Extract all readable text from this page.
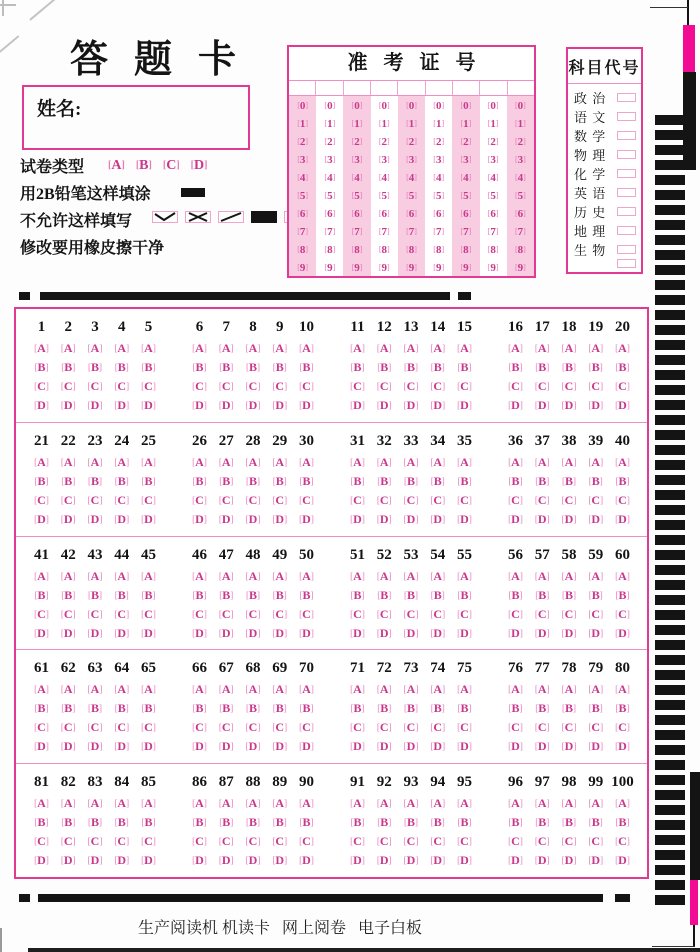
答题卡
姓名:
试卷类型 [A] [B] [C] [D]
用2B铅笔这样填涂
不允许这样填写
修改要用橡皮擦干净
准考证号
[0]
[1]
[2]
[3]
[4]
[5]
[6]
[7]
[8]
[9]
[0]
[1]
[2]
[3]
[4]
[5]
[6]
[7]
[8]
[9]
[0]
[1]
[2]
[3]
[4]
[5]
[6]
[7]
[8]
[9]
[0]
[1]
[2]
[3]
[4]
[5]
[6]
[7]
[8]
[9]
[0]
[1]
[2]
[3]
[4]
[5]
[6]
[7]
[8]
[9]
[0]
[1]
[2]
[3]
[4]
[5]
[6]
[7]
[8]
[9]
[0]
[1]
[2]
[3]
[4]
[5]
[6]
[7]
[8]
[9]
[0]
[1]
[2]
[3]
[4]
[5]
[6]
[7]
[8]
[9]
[0]
[1]
[2]
[3]
[4]
[5]
[6]
[7]
[8]
[9]
科目代号
政 治
语 文
数 学
物 理
化 学
英 语
历 史
地 理
生 物
1
[A]
[B]
[C]
[D]
2
[A]
[B]
[C]
[D]
3
[A]
[B]
[C]
[D]
4
[A]
[B]
[C]
[D]
5
[A]
[B]
[C]
[D]
6
[A]
[B]
[C]
[D]
7
[A]
[B]
[C]
[D]
8
[A]
[B]
[C]
[D]
9
[A]
[B]
[C]
[D]
10
[A]
[B]
[C]
[D]
11
[A]
[B]
[C]
[D]
12
[A]
[B]
[C]
[D]
13
[A]
[B]
[C]
[D]
14
[A]
[B]
[C]
[D]
15
[A]
[B]
[C]
[D]
16
[A]
[B]
[C]
[D]
17
[A]
[B]
[C]
[D]
18
[A]
[B]
[C]
[D]
19
[A]
[B]
[C]
[D]
20
[A]
[B]
[C]
[D]
21
[A]
[B]
[C]
[D]
22
[A]
[B]
[C]
[D]
23
[A]
[B]
[C]
[D]
24
[A]
[B]
[C]
[D]
25
[A]
[B]
[C]
[D]
26
[A]
[B]
[C]
[D]
27
[A]
[B]
[C]
[D]
28
[A]
[B]
[C]
[D]
29
[A]
[B]
[C]
[D]
30
[A]
[B]
[C]
[D]
31
[A]
[B]
[C]
[D]
32
[A]
[B]
[C]
[D]
33
[A]
[B]
[C]
[D]
34
[A]
[B]
[C]
[D]
35
[A]
[B]
[C]
[D]
36
[A]
[B]
[C]
[D]
37
[A]
[B]
[C]
[D]
38
[A]
[B]
[C]
[D]
39
[A]
[B]
[C]
[D]
40
[A]
[B]
[C]
[D]
41
[A]
[B]
[C]
[D]
42
[A]
[B]
[C]
[D]
43
[A]
[B]
[C]
[D]
44
[A]
[B]
[C]
[D]
45
[A]
[B]
[C]
[D]
46
[A]
[B]
[C]
[D]
47
[A]
[B]
[C]
[D]
48
[A]
[B]
[C]
[D]
49
[A]
[B]
[C]
[D]
50
[A]
[B]
[C]
[D]
51
[A]
[B]
[C]
[D]
52
[A]
[B]
[C]
[D]
53
[A]
[B]
[C]
[D]
54
[A]
[B]
[C]
[D]
55
[A]
[B]
[C]
[D]
56
[A]
[B]
[C]
[D]
57
[A]
[B]
[C]
[D]
58
[A]
[B]
[C]
[D]
59
[A]
[B]
[C]
[D]
60
[A]
[B]
[C]
[D]
61
[A]
[B]
[C]
[D]
62
[A]
[B]
[C]
[D]
63
[A]
[B]
[C]
[D]
64
[A]
[B]
[C]
[D]
65
[A]
[B]
[C]
[D]
66
[A]
[B]
[C]
[D]
67
[A]
[B]
[C]
[D]
68
[A]
[B]
[C]
[D]
69
[A]
[B]
[C]
[D]
70
[A]
[B]
[C]
[D]
71
[A]
[B]
[C]
[D]
72
[A]
[B]
[C]
[D]
73
[A]
[B]
[C]
[D]
74
[A]
[B]
[C]
[D]
75
[A]
[B]
[C]
[D]
76
[A]
[B]
[C]
[D]
77
[A]
[B]
[C]
[D]
78
[A]
[B]
[C]
[D]
79
[A]
[B]
[C]
[D]
80
[A]
[B]
[C]
[D]
81
[A]
[B]
[C]
[D]
82
[A]
[B]
[C]
[D]
83
[A]
[B]
[C]
[D]
84
[A]
[B]
[C]
[D]
85
[A]
[B]
[C]
[D]
86
[A]
[B]
[C]
[D]
87
[A]
[B]
[C]
[D]
88
[A]
[B]
[C]
[D]
89
[A]
[B]
[C]
[D]
90
[A]
[B]
[C]
[D]
91
[A]
[B]
[C]
[D]
92
[A]
[B]
[C]
[D]
93
[A]
[B]
[C]
[D]
94
[A]
[B]
[C]
[D]
95
[A]
[B]
[C]
[D]
96
[A]
[B]
[C]
[D]
97
[A]
[B]
[C]
[D]
98
[A]
[B]
[C]
[D]
99
[A]
[B]
[C]
[D]
100
[A]
[B]
[C]
[D]
生产阅读机 机读卡   网上阅卷   电子白板
